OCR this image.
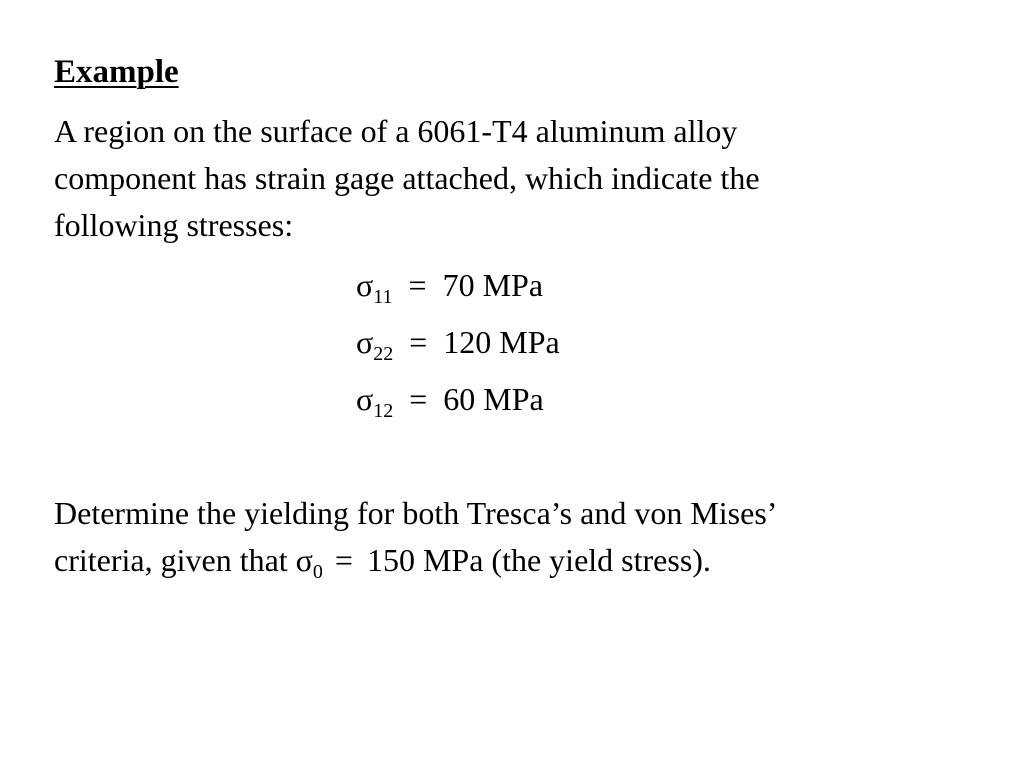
Example

A region on the surface of a 6061-T4 aluminum alloy
component has strain gage attached, which indicate the
following stresses:

$\sigma_{11} = 70$ MPa
$\sigma_{22} = 120$ MPa
$\sigma_{12} = 60$ MPa

Determine the yielding for both Tresca’s and von Mises’
criteria, given that $\sigma_0 = 150$ MPa (the yield stress).
